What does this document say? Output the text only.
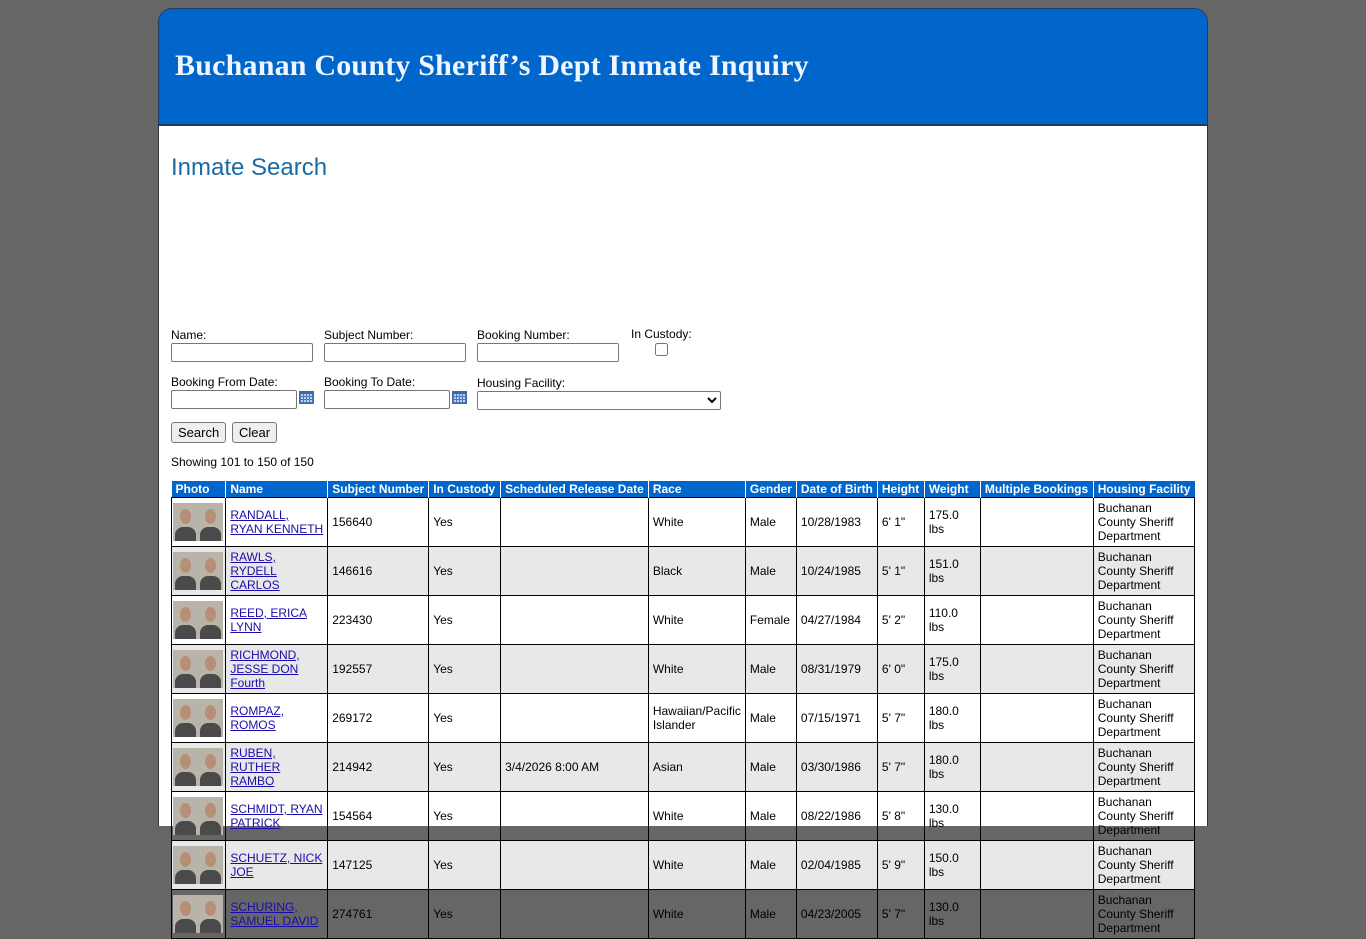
Buchanan County Sheriff’s Dept Inmate Inquiry
Inmate Search
Name:	Subject Number:	Booking Number:	In Custody:
Booking From Date:	Booking To Date:	Housing Facility:
Search	Clear
Showing 101 to 150 of 150
Photo	Name	Subject Number	In Custody	Scheduled Release Date	Race	Gender	Date of Birth	Height	Weight	Multiple Bookings	Housing Facility

	RANDALL, RYAN KENNETH	156640	Yes		White	Male	10/28/1983	6' 1"	175.0 lbs		Buchanan County Sheriff Department

	RAWLS, RYDELL CARLOS	146616	Yes		Black	Male	10/24/1985	5' 1"	151.0 lbs		Buchanan County Sheriff Department

	REED, ERICA LYNN	223430	Yes		White	Female	04/27/1984	5' 2"	110.0 lbs		Buchanan County Sheriff Department

	RICHMOND, JESSE DON Fourth	192557	Yes		White	Male	08/31/1979	6' 0"	175.0 lbs		Buchanan County Sheriff Department

	ROMPAZ, ROMOS	269172	Yes		Hawaiian/Pacific Islander	Male	07/15/1971	5' 7"	180.0 lbs		Buchanan County Sheriff Department

	RUBEN, RUTHER RAMBO	214942	Yes	3/4/2026 8:00 AM	Asian	Male	03/30/1986	5' 7"	180.0 lbs		Buchanan County Sheriff Department

	SCHMIDT, RYAN PATRICK	154564	Yes		White	Male	08/22/1986	5' 8"	130.0 lbs		Buchanan County Sheriff Department

	SCHUETZ, NICK JOE	147125	Yes		White	Male	02/04/1985	5' 9"	150.0 lbs		Buchanan County Sheriff Department

	SCHURING, SAMUEL DAVID	274761	Yes		White	Male	04/23/2005	5' 7"	130.0 lbs		Buchanan County Sheriff Department
